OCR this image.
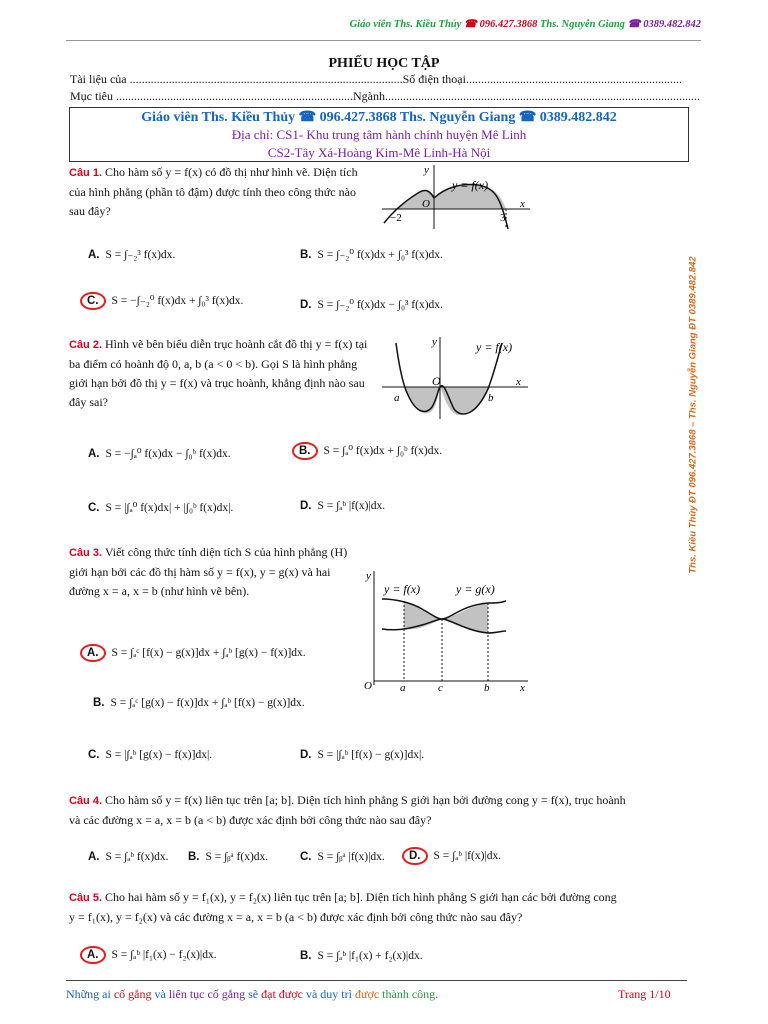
Giáo viên Ths. Kiều Thủy ☎ 096.427.3868 Ths. Nguyễn Giang ☎ 0389.482.842
PHIẾU HỌC TẬP
Tài liệu của ...........................................................................................Số điện thoại........................................................................
Mục tiêu ...............................................................................Ngành.........................................................................................................
Giáo viên Ths. Kiều Thủy ☎ 096.427.3868 Ths. Nguyễn Giang ☎ 0389.482.842
Địa chỉ: CS1- Khu trung tâm hành chính huyện Mê Linh
CS2-Tây Xá-Hoàng Kim-Mê Linh-Hà Nội
Ths. Kiều Thủy ĐT 096.427.3868 – Ths. Nguyễn Giang ĐT 0389.482.842
Câu 1. Cho hàm số y = f(x) có đồ thị như hình vẽ. Diện tích của hình phẳng (phần tô đậm) được tính theo công thức nào sau đây?
y
y = f(x)
O	x
−2	3
A. S = ∫₋₂³ f(x)dx.	B. S = ∫₋₂⁰ f(x)dx + ∫₀³ f(x)dx.
C. S = −∫₋₂⁰ f(x)dx + ∫₀³ f(x)dx.	D. S = ∫₋₂⁰ f(x)dx − ∫₀³ f(x)dx.
Câu 2. Hình vẽ bên biểu diễn trục hoành cắt đồ thị y = f(x) tại ba điểm có hoành độ 0, a, b (a < 0 < b). Gọi S là hình phẳng giới hạn bởi đồ thị y = f(x) và trục hoành, khẳng định nào sau đây sai?
y	y = f(x)
O	x
a	b
A. S = −∫ₐ⁰ f(x)dx − ∫₀ᵇ f(x)dx.	B. S = ∫ₐ⁰ f(x)dx + ∫₀ᵇ f(x)dx.
C. S = |∫ₐ⁰ f(x)dx| + |∫₀ᵇ f(x)dx|.	D. S = ∫ₐᵇ |f(x)|dx.
Câu 3. Viết công thức tính diện tích S của hình phẳng (H) giới hạn bởi các đồ thị hàm số y = f(x), y = g(x) và hai đường x = a, x = b (như hình vẽ bên).
y
y = f(x)	y = g(x)
O	a	c	b	x
A. S = ∫ₐᶜ [f(x) − g(x)]dx + ∫ₐᵇ [g(x) − f(x)]dx.
B. S = ∫ₐᶜ [g(x) − f(x)]dx + ∫ₐᵇ [f(x) − g(x)]dx.
C. S = |∫ₐᵇ [g(x) − f(x)]dx|.	D. S = |∫ₐᵇ [f(x) − g(x)]dx|.
Câu 4. Cho hàm số y = f(x) liên tục trên [a; b]. Diện tích hình phẳng S giới hạn bởi đường cong y = f(x), trục hoành
và các đường x = a, x = b (a < b) được xác định bởi công thức nào sau đây?
A. S = ∫ₐᵇ f(x)dx. B. S = ∫ᵦᵃ f(x)dx.	C. S = ∫ᵦᵃ |f(x)|dx. D. S = ∫ₐᵇ |f(x)|dx.
Câu 5. Cho hai hàm số y = f₁(x), y = f₂(x) liên tục trên [a; b]. Diện tích hình phẳng S giới hạn các bởi đường cong
y = f₁(x), y = f₂(x) và các đường x = a, x = b (a < b) được xác định bởi công thức nào sau đây?
A. S = ∫ₐᵇ |f₁(x) − f₂(x)|dx.	B. S = ∫ₐᵇ |f₁(x) + f₂(x)|dx.
Những ai cố gắng và liên tục cố gắng sẽ đạt được và duy trì được thành công.	Trang 1/10
